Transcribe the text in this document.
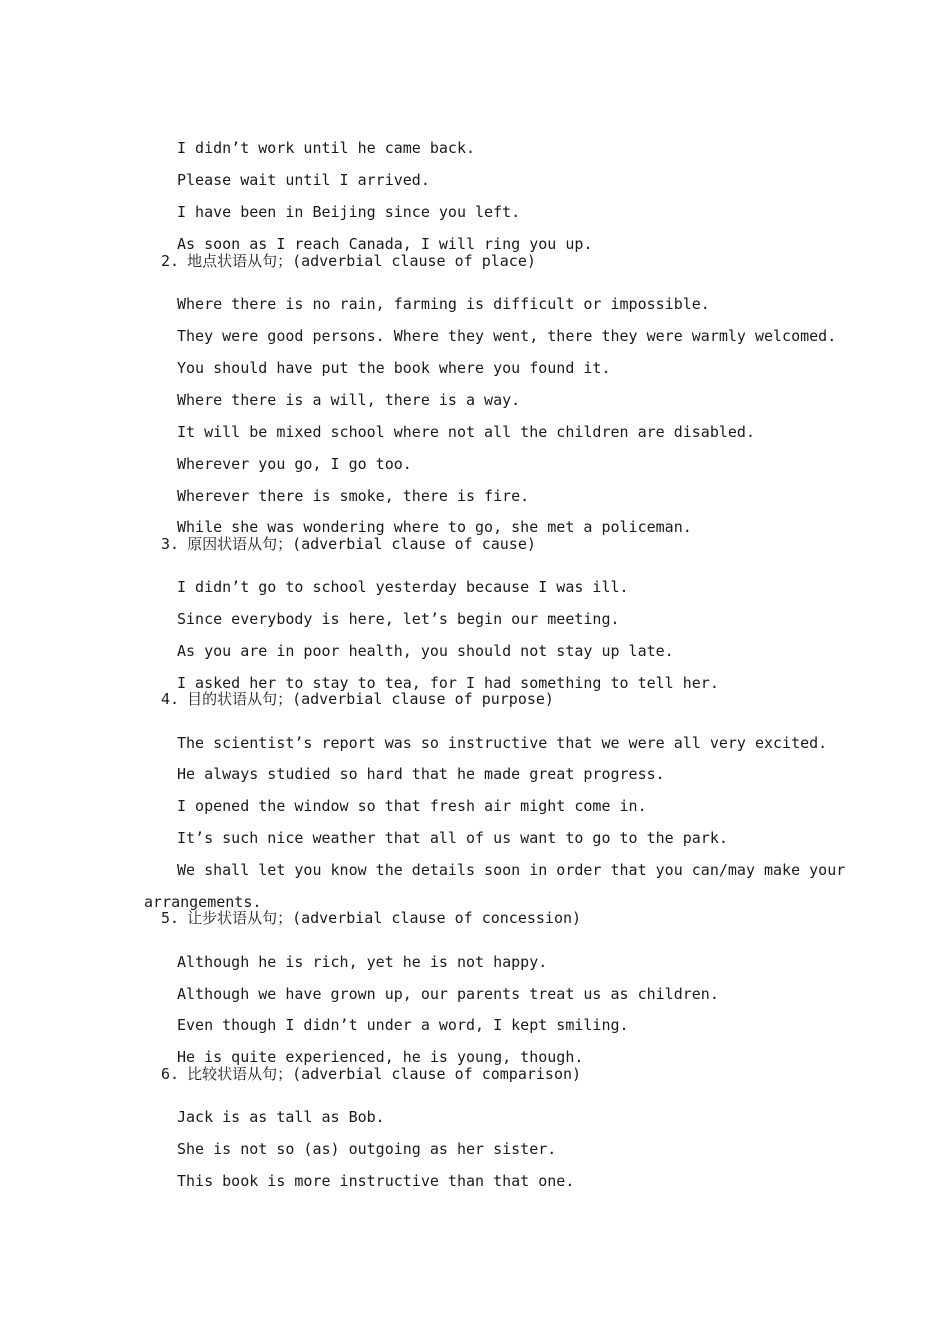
I didn’t work until he came back.
Please wait until I arrived.
I have been in Beijing since you left.
As soon as I reach Canada, I will ring you up.
2. 地点状语从句；(adverbial clause of place)
Where there is no rain, farming is difficult or impossible.
They were good persons. Where they went, there they were warmly welcomed.
You should have put the book where you found it.
Where there is a will, there is a way.
It will be mixed school where not all the children are disabled.
Wherever you go, I go too.
Wherever there is smoke, there is fire.
While she was wondering where to go, she met a policeman.
3. 原因状语从句；(adverbial clause of cause)
I didn’t go to school yesterday because I was ill.
Since everybody is here, let’s begin our meeting.
As you are in poor health, you should not stay up late.
I asked her to stay to tea, for I had something to tell her.
4. 目的状语从句；(adverbial clause of purpose)
The scientist’s report was so instructive that we were all very excited.
He always studied so hard that he made great progress.
I opened the window so that fresh air might come in.
It’s such nice weather that all of us want to go to the park.
We shall let you know the details soon in order that you can/may make your
arrangements.
5. 让步状语从句；(adverbial clause of concession)
Although he is rich, yet he is not happy.
Although we have grown up, our parents treat us as children.
Even though I didn’t under a word, I kept smiling.
He is quite experienced, he is young, though.
6. 比较状语从句；(adverbial clause of comparison)
Jack is as tall as Bob.
She is not so (as) outgoing as her sister.
This book is more instructive than that one.
